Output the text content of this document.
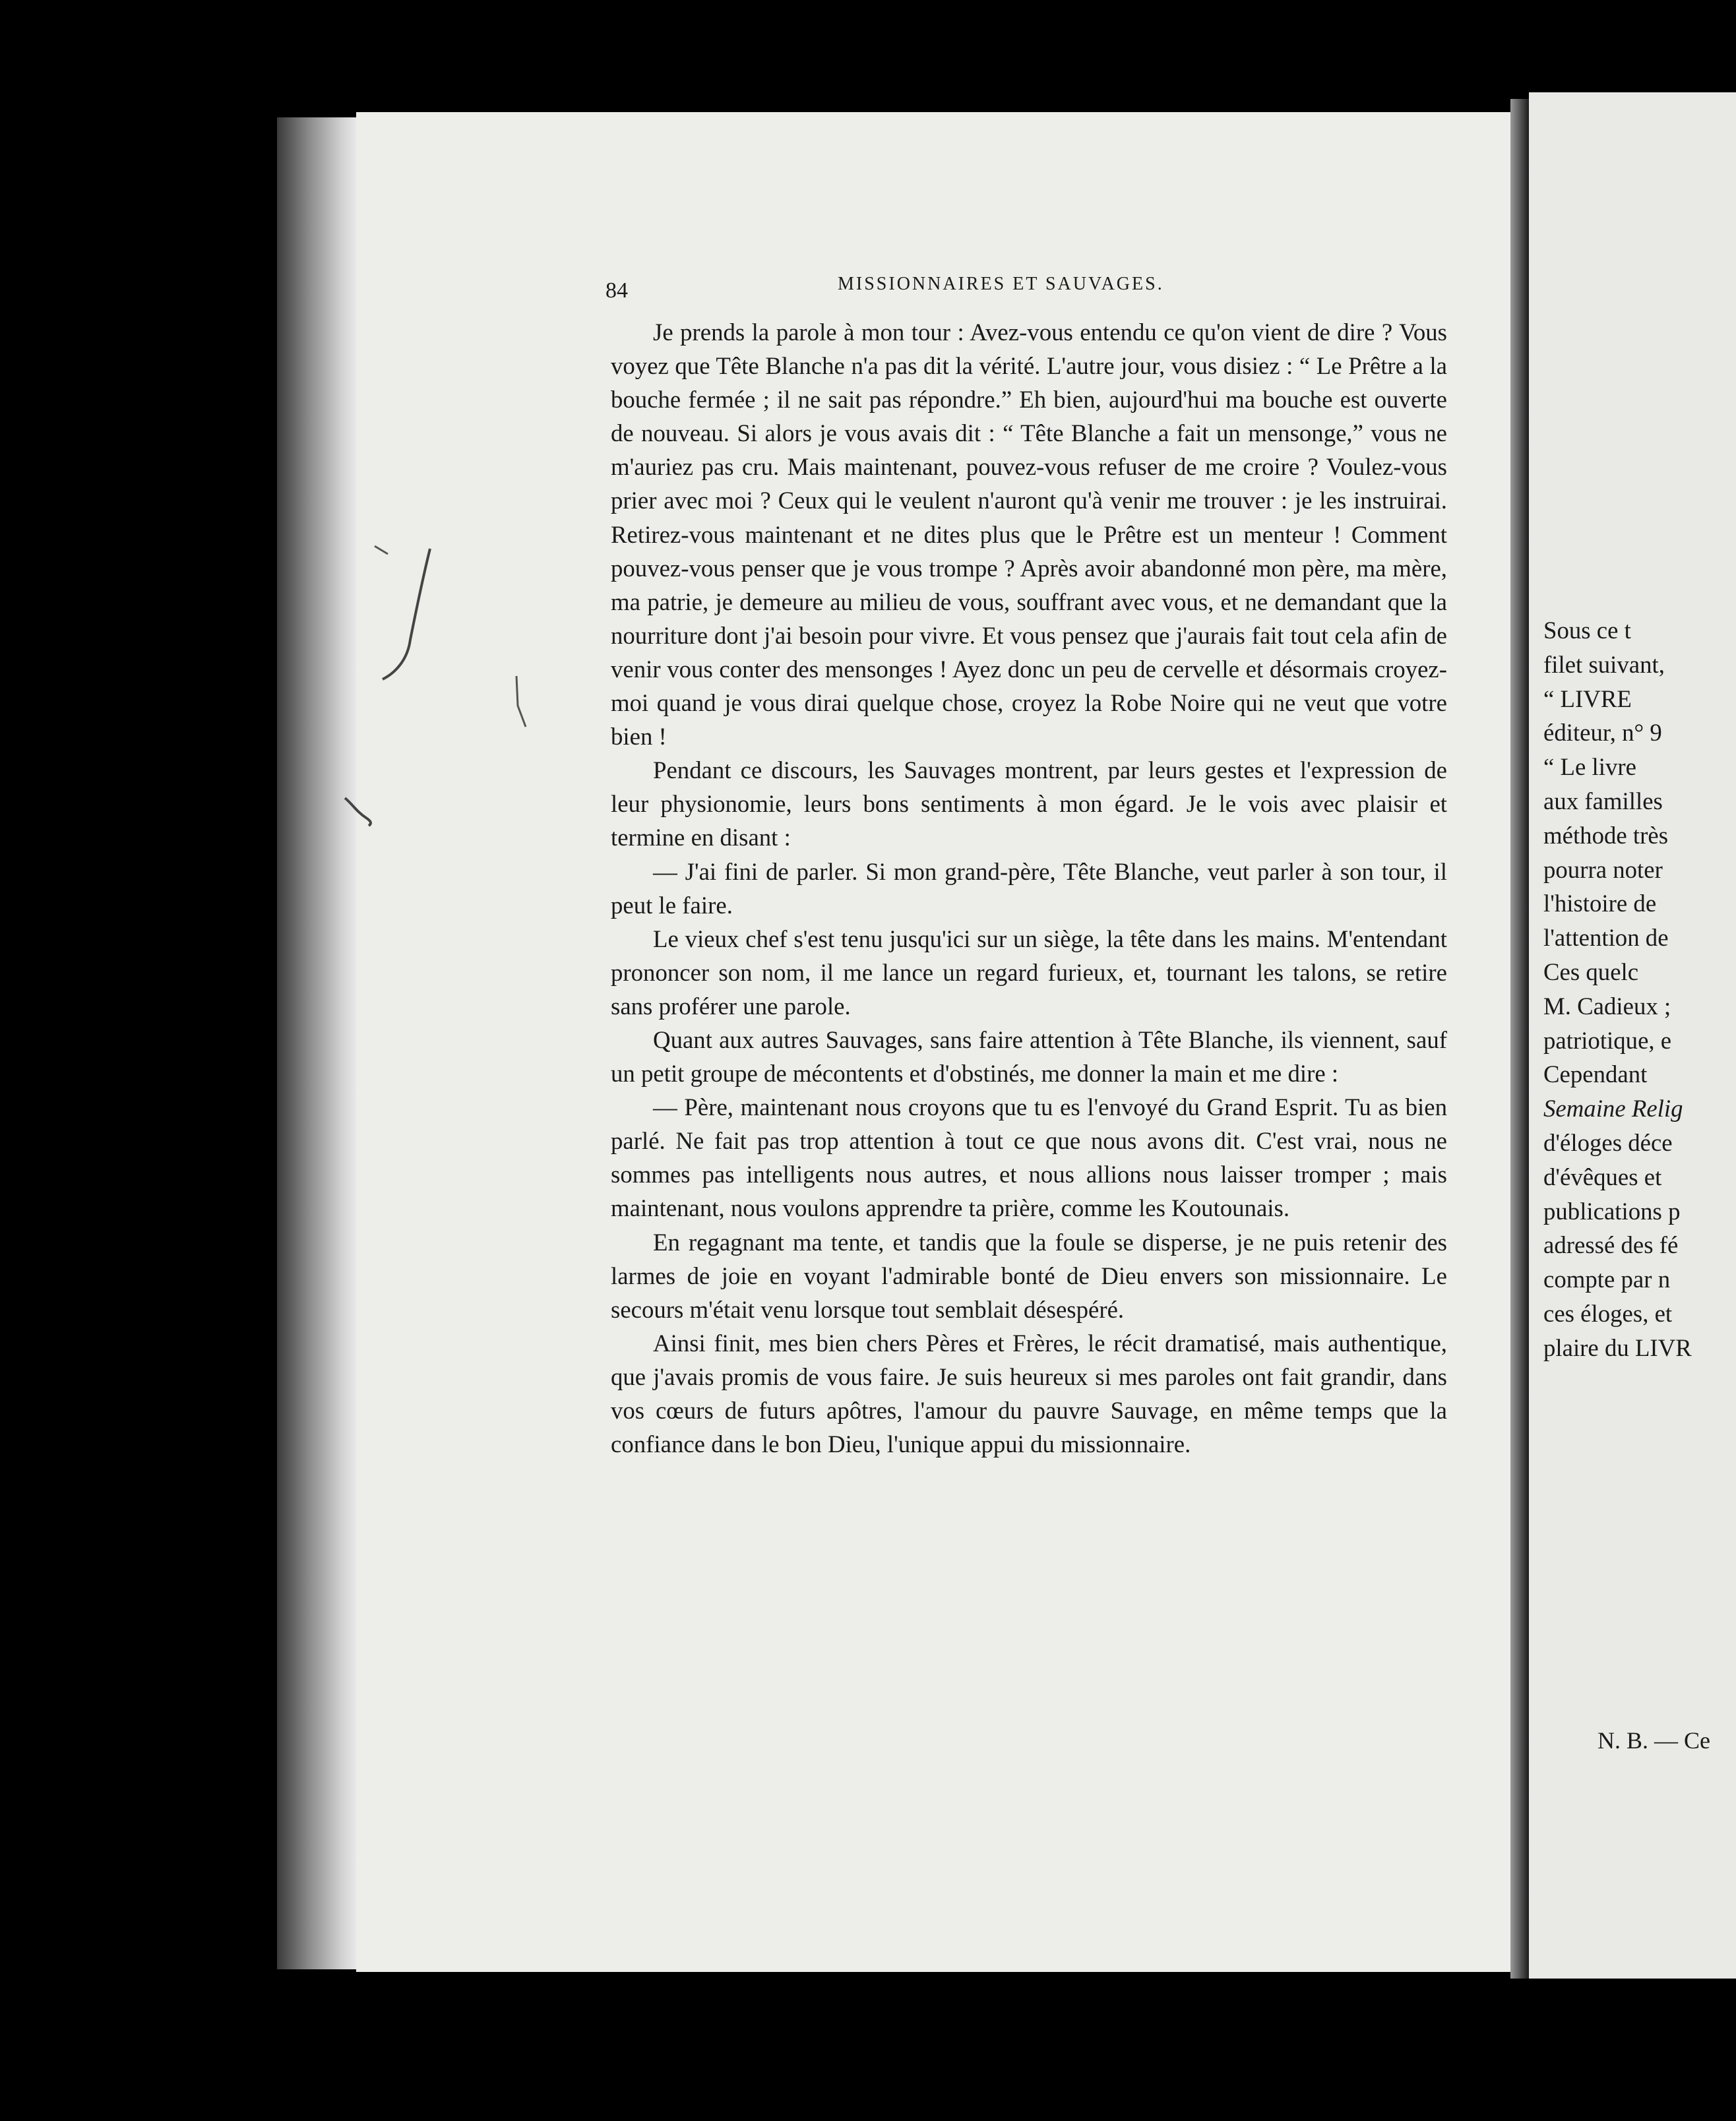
84	MISSIONNAIRES ET SAUVAGES.

Je prends la parole à mon tour : Avez-vous entendu ce qu'on vient de dire ? Vous voyez que Tête Blanche n'a pas dit la vérité. L'autre jour, vous disiez : “ Le Prêtre a la bouche fermée ; il ne sait pas répondre.” Eh bien, aujourd'hui ma bouche est ouverte de nouveau. Si alors je vous avais dit : “ Tête Blanche a fait un mensonge,” vous ne m'auriez pas cru. Mais maintenant, pouvez-vous refuser de me croire ? Voulez-vous prier avec moi ? Ceux qui le veulent n'auront qu'à venir me trouver : je les instruirai. Retirez-vous maintenant et ne dites plus que le Prêtre est un menteur ! Comment pouvez-vous penser que je vous trompe ? Après avoir abandonné mon père, ma mère, ma patrie, je demeure au milieu de vous, souffrant avec vous, et ne demandant que la nourriture dont j'ai besoin pour vivre. Et vous pensez que j'aurais fait tout cela afin de venir vous conter des mensonges ! Ayez donc un peu de cervelle et désormais croyez-moi quand je vous dirai quelque chose, croyez la Robe Noire qui ne veut que votre bien !

Pendant ce discours, les Sauvages montrent, par leurs gestes et l'expression de leur physionomie, leurs bons sentiments à mon égard. Je le vois avec plaisir et termine en disant :

— J'ai fini de parler. Si mon grand-père, Tête Blanche, veut parler à son tour, il peut le faire.

Le vieux chef s'est tenu jusqu'ici sur un siège, la tête dans les mains. M'entendant prononcer son nom, il me lance un regard furieux, et, tournant les talons, se retire sans proférer une parole.

Quant aux autres Sauvages, sans faire attention à Tête Blanche, ils viennent, sauf un petit groupe de mécontents et d'obstinés, me donner la main et me dire :

— Père, maintenant nous croyons que tu es l'envoyé du Grand Esprit. Tu as bien parlé. Ne fait pas trop attention à tout ce que nous avons dit. C'est vrai, nous ne sommes pas intelligents nous autres, et nous allions nous laisser tromper ; mais maintenant, nous voulons apprendre ta prière, comme les Koutounais.

En regagnant ma tente, et tandis que la foule se disperse, je ne puis retenir des larmes de joie en voyant l'admirable bonté de Dieu envers son missionnaire. Le secours m'était venu lorsque tout semblait désespéré.

Ainsi finit, mes bien chers Pères et Frères, le récit dramatisé, mais authentique, que j'avais promis de vous faire. Je suis heureux si mes paroles ont fait grandir, dans vos cœurs de futurs apôtres, l'amour du pauvre Sauvage, en même temps que la confiance dans le bon Dieu, l'unique appui du missionnaire.

Sous ce t
filet suivant,
“ LIVRE
éditeur, n° 9
“ Le livre
aux familles
méthode très
pourra noter
l'histoire de
l'attention de
Ces quelc
M. Cadieux ;
patriotique, e
Cependant
Semaine Relig
d'éloges déce
d'évêques et
publications p
adressé des fé
compte par n
ces éloges, et
plaire du LIVR
N. B. — Ce
